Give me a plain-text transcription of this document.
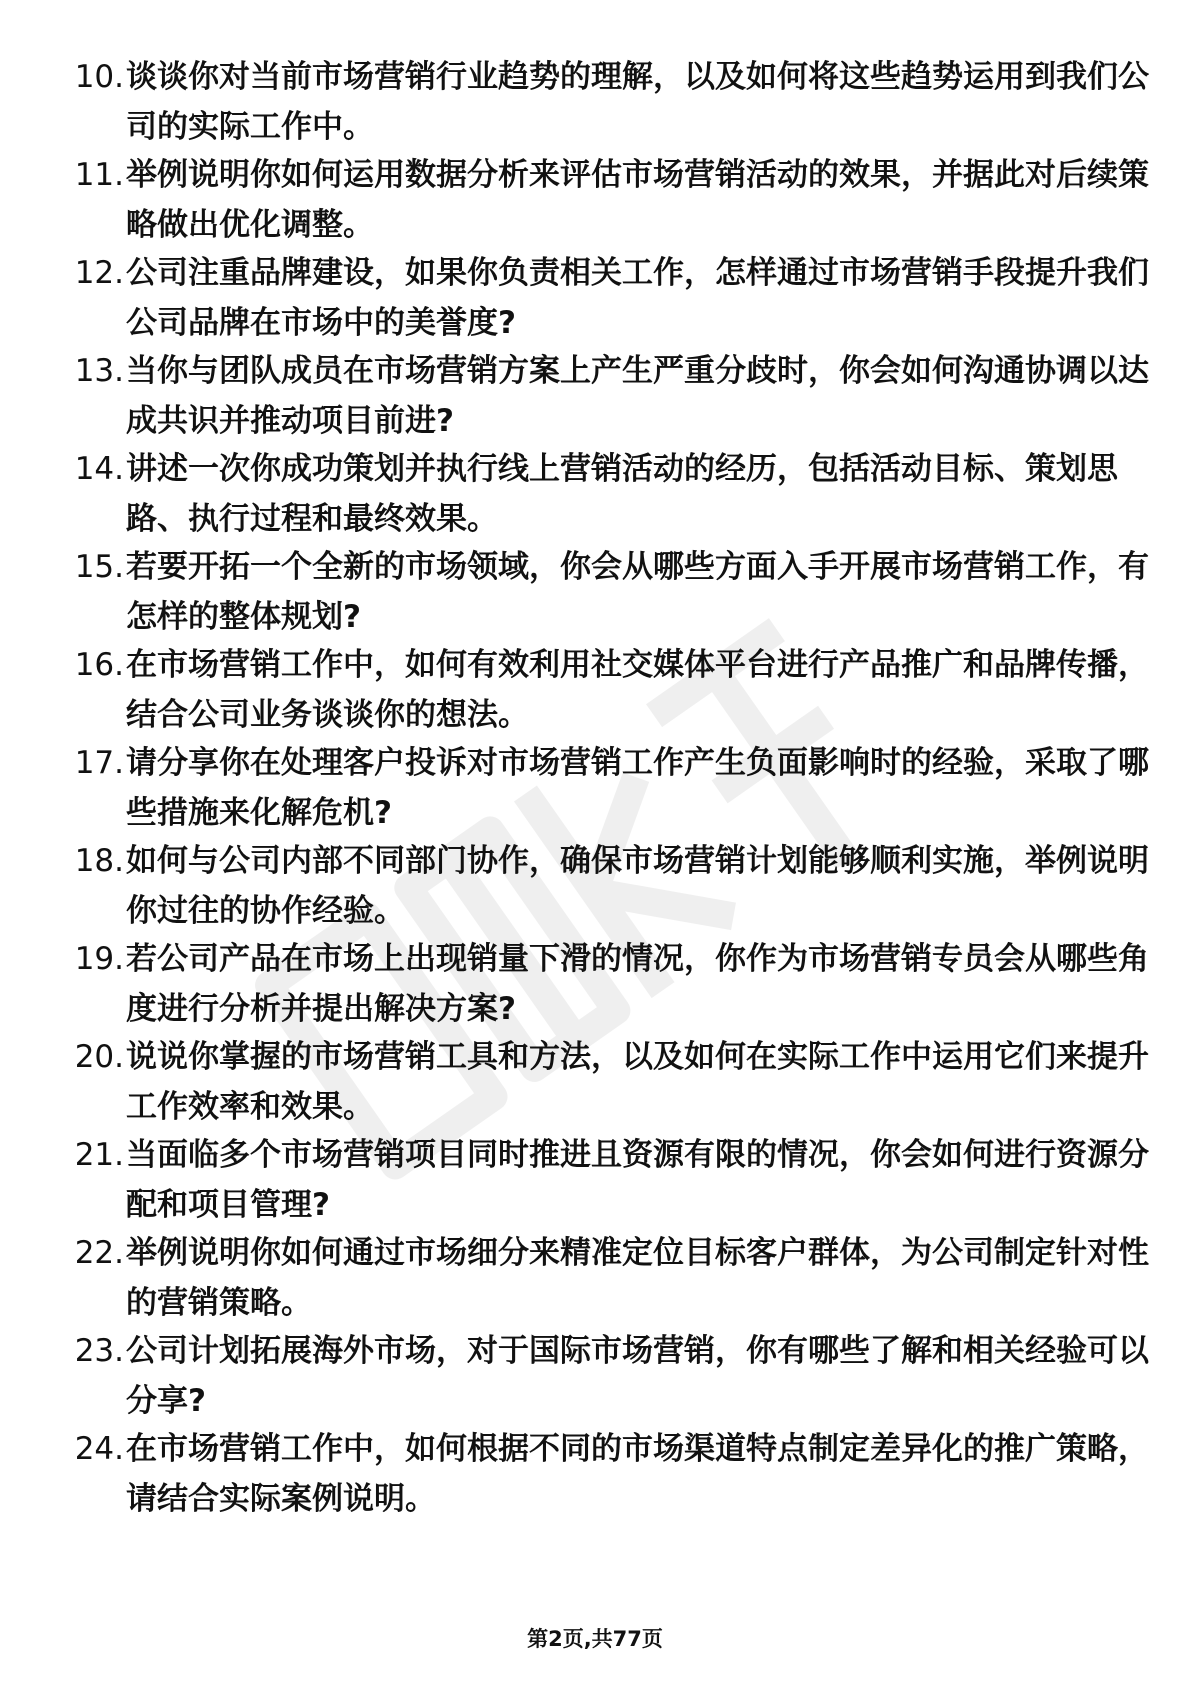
10. 谈谈你对当前市场营销行业趋势的理解，以及如何将这些趋势运用到我们公司的实际工作中。
11. 举例说明你如何运用数据分析来评估市场营销活动的效果，并据此对后续策略做出优化调整。
12. 公司注重品牌建设，如果你负责相关工作，怎样通过市场营销手段提升我们公司品牌在市场中的美誉度?
13. 当你与团队成员在市场营销方案上产生严重分歧时，你会如何沟通协调以达成共识并推动项目前进?
14. 讲述一次你成功策划并执行线上营销活动的经历，包括活动目标、策划思路、执行过程和最终效果。
15. 若要开拓一个全新的市场领域，你会从哪些方面入手开展市场营销工作，有怎样的整体规划?
16. 在市场营销工作中，如何有效利用社交媒体平台进行产品推广和品牌传播，结合公司业务谈谈你的想法。
17. 请分享你在处理客户投诉对市场营销工作产生负面影响时的经验，采取了哪些措施来化解危机?
18. 如何与公司内部不同部门协作，确保市场营销计划能够顺利实施，举例说明你过往的协作经验。
19. 若公司产品在市场上出现销量下滑的情况，你作为市场营销专员会从哪些角度进行分析并提出解决方案?
20. 说说你掌握的市场营销工具和方法，以及如何在实际工作中运用它们来提升工作效率和效果。
21. 当面临多个市场营销项目同时推进且资源有限的情况，你会如何进行资源分配和项目管理?
22. 举例说明你如何通过市场细分来精准定位目标客户群体，为公司制定针对性的营销策略。
23. 公司计划拓展海外市场，对于国际市场营销，你有哪些了解和相关经验可以分享?
24. 在市场营销工作中，如何根据不同的市场渠道特点制定差异化的推广策略，请结合实际案例说明。
第2页,共77页
